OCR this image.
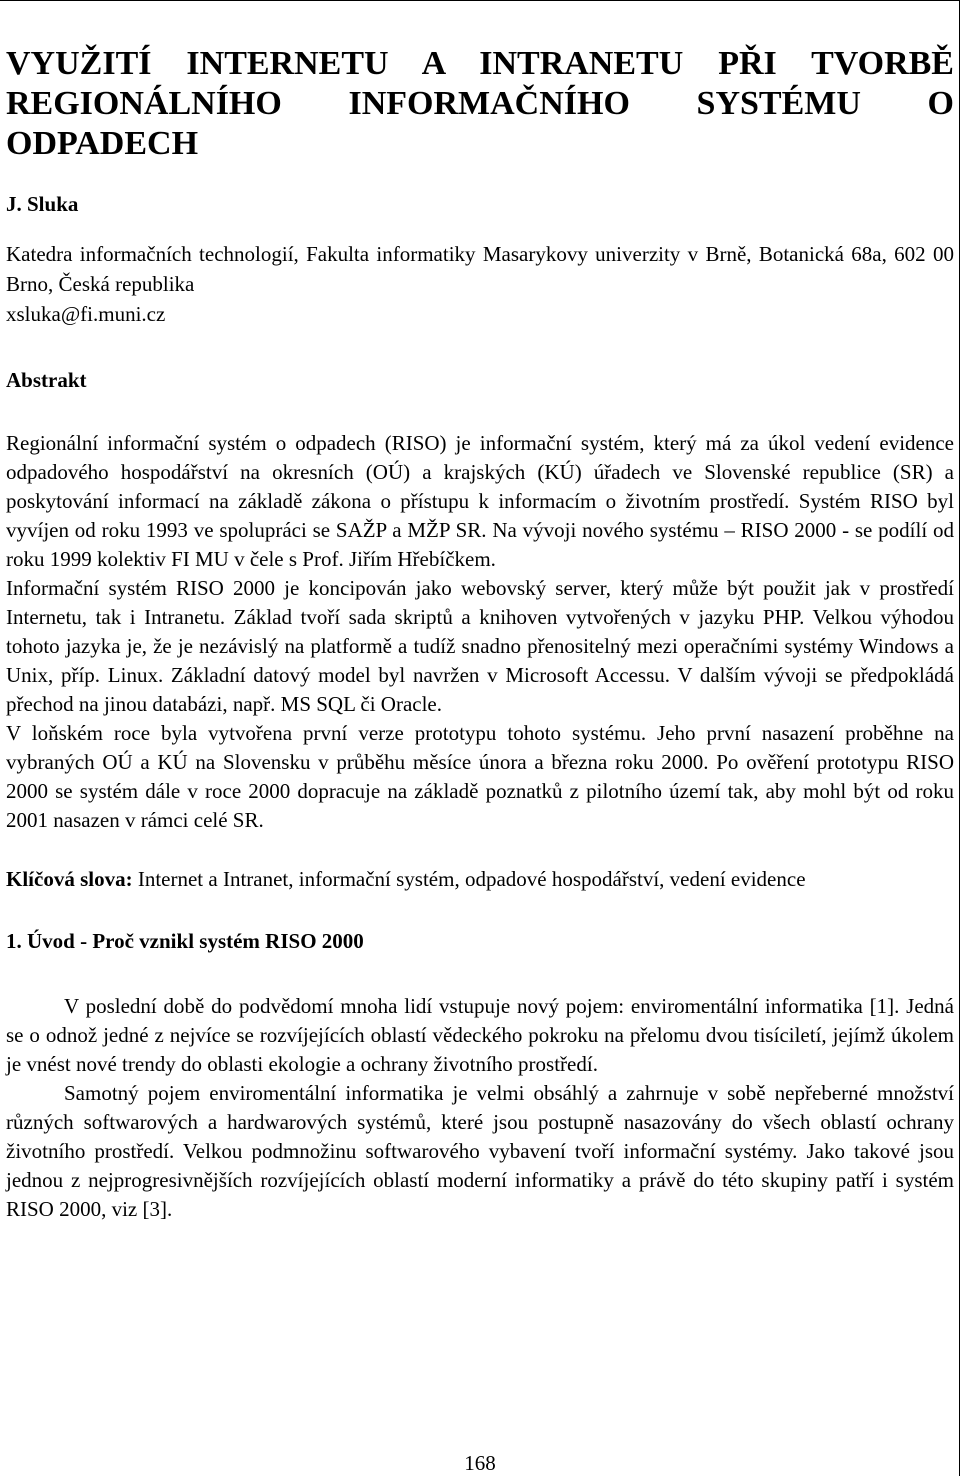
VYUŽITÍ INTERNETU A INTRANETU PŘI TVORBĚ REGIONÁLNÍHO INFORMAČNÍHO SYSTÉMU O ODPADECH
J. Sluka
Katedra informačních technologií, Fakulta informatiky Masarykovy univerzity v Brně, Botanická 68a, 602 00 Brno, Česká republika
xsluka@fi.muni.cz
Abstrakt

Regionální informační systém o odpadech (RISO) je informační systém, který má za úkol vedení evidence odpadového hospodářství na okresních (OÚ) a krajských (KÚ) úřadech ve Slovenské republice (SR) a poskytování informací na základě zákona o přístupu k informacím o životním prostředí. Systém RISO byl vyvíjen od roku 1993 ve spolupráci se SAŽP a MŽP SR. Na vývoji nového systému – RISO 2000 - se podílí od roku 1999 kolektiv FI MU v čele s Prof. Jiřím Hřebíčkem.

Informační systém RISO 2000 je koncipován jako webovský server, který může být použit jak v prostředí Internetu, tak i Intranetu. Základ tvoří sada skriptů a knihoven vytvořených v jazyku PHP. Velkou výhodou tohoto jazyka je, že je nezávislý na platformě a tudíž snadno přenositelný mezi operačními systémy Windows a Unix, příp. Linux. Základní datový model byl navržen v Microsoft Accessu. V dalším vývoji se předpokládá přechod na jinou databázi, např. MS SQL či Oracle.

V loňském roce byla vytvořena první verze prototypu tohoto systému. Jeho první nasazení proběhne na vybraných OÚ a KÚ na Slovensku v průběhu měsíce února a března roku 2000. Po ověření prototypu RISO 2000 se systém dále v roce 2000 dopracuje na základě poznatků z pilotního území tak, aby mohl být od roku 2001 nasazen v rámci celé SR.

Klíčová slova: Internet a Intranet, informační systém, odpadové hospodářství, vedení evidence
1. Úvod - Proč vznikl systém RISO 2000

V poslední době do podvědomí mnoha lidí vstupuje nový pojem: enviromentální informatika [1]. Jedná se o odnož jedné z nejvíce se rozvíjejících oblastí vědeckého pokroku na přelomu dvou tisíciletí, jejímž úkolem je vnést nové trendy do oblasti ekologie a ochrany životního prostředí.

Samotný pojem enviromentální informatika je velmi obsáhlý a zahrnuje v sobě nepřeberné množství různých softwarových a hardwarových systémů, které jsou postupně nasazovány do všech oblastí ochrany životního prostředí. Velkou podmnožinu softwarového vybavení tvoří informační systémy. Jako takové jsou jednou z nejprogresivnějších rozvíjejících oblastí moderní informatiky a právě do této skupiny patří i systém RISO 2000, viz [3].

168
